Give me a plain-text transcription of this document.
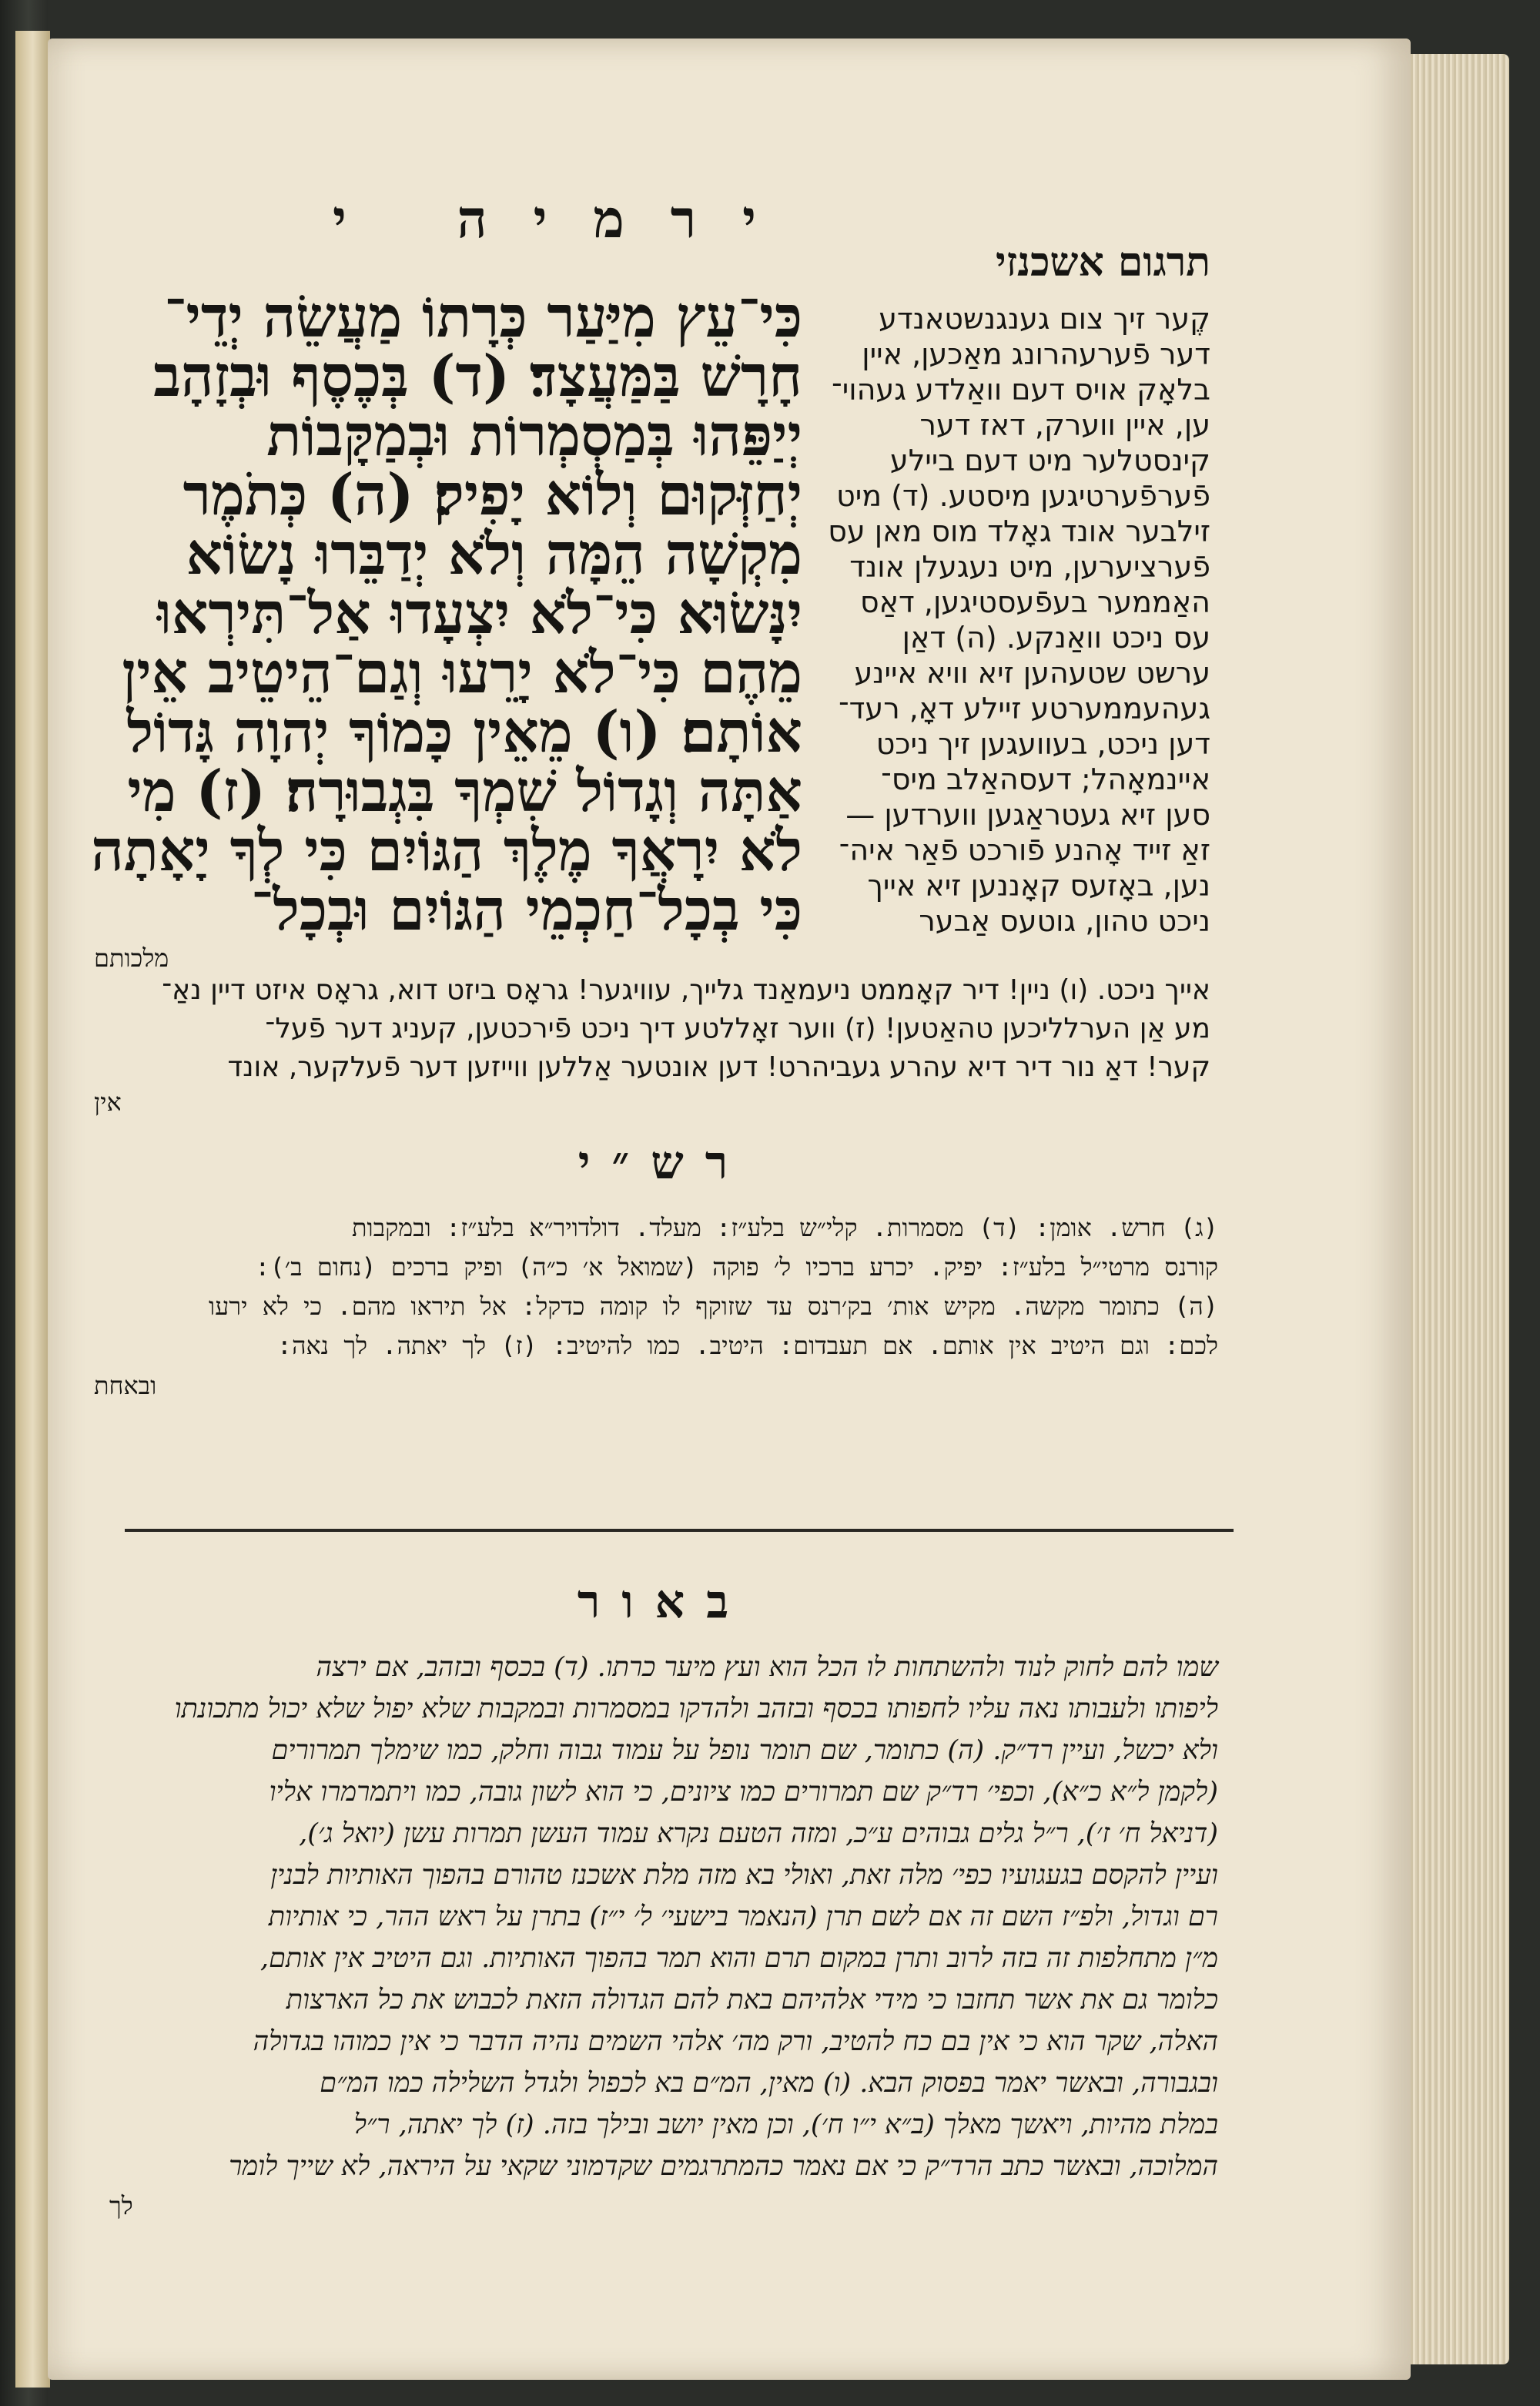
ירמיה י
תרגום אשכנזי
כִּי־עֵץ מִיַּעַר כְּרָתוֹ מַעֲשֵׂה יְדֵי־
חָרָשׁ בַּמַּעֲצָד׃ (ד) בְּכֶסֶף וּבְזָהָב
יְיַפֵּהוּ בְּמַסְמְרוֹת וּבְמַקָּבוֹת
יְחַזְּקוּם וְלוֹא יָפִיק׃ (ה) כְּתֹמֶר
מִקְשָׁה הֵמָּה וְלֹא יְדַבֵּרוּ נָשׂוֹא
יִנָּשׂוּא כִּי־לֹא יִצְעָדוּ אַל־תִּירְאוּ
מֵהֶם כִּי־לֹא יָרֵעוּ וְגַם־הֵיטֵיב אֵין
אוֹתָם׃ (ו) מֵאֵין כָּמוֹךָ יְהוָה גָּדוֹל
אַתָּה וְגָדוֹל שִׁמְךָ בִּגְבוּרָה׃ (ז) מִי
לֹא יִרָאֲךָ מֶלֶךְ הַגּוֹיִם כִּי לְךָ יָאָתָה
כִּי בְכָל־חַכְמֵי הַגּוֹיִם וּבְכָל־
מלכותם
קֶער זיך צום גענגנשטאנדע
דער פֿערעהרונג מאַכען, איין
בלאָק אויס דעם וואַלדע געהוי־
ען, איין ווערק, דאז דער
קינסטלער מיט דעם ביילע
פֿערפֿערטיגען מיסטע. (ד) מיט
זילבער אונד גאָלד מוס מאן עס
פֿערציערען, מיט נעגעלן אונד
האַממער בעפֿעסטיגען, דאַס
עס ניכט וואַנקע. (ה) דאַן
ערשט שטעהען זיא וויא איינע
געהעממערטע זיילע דאָ, רעד־
דען ניכט, בעוועגען זיך ניכט
איינמאָהל; דעסהאַלב מיס־
סען זיא געטראַגען ווערדען —
זאַ זייד אָהנע פֿורכט פֿאַר איה־
נען, באָזעס קאָננען זיא אייך
ניכט טהון, גוטעס אַבער
אייך ניכט. (ו) ניין! דיר קאָממט ניעמאַנד גלייך, עוויגער! גראָס ביזט דוא, גראָס איזט דיין נאַ־
מע אַן הערלליכען טהאַטען! (ז) ווער זאָללטע דיך ניכט פֿירכטען, קעניג דער פֿעל־
קער! דאַ נור דיר דיא עהרע געביהרט! דען אונטער אַללען ווייזען דער פֿעלקער, אונד
אין
רש״י
(ג) חרש. אומן: (ד) מסמרות. קלי״ש בלע״ז: מעלד. דולדויר״א בלע״ז: ובמקבות
קורנס מרטי״ל בלע״ז: יפיק. יכרע ברכיו ל׳ פוקה (שמואל א׳ כ״ה) ופיק ברכים (נחום ב׳):
(ה) כתומר מקשה. מקיש אות׳ בק׳רנס עד שזוקף לו קומה כדקל: אל תיראו מהם. כי לא ירעו
לכם: וגם היטיב אין אותם. אם תעבדום: היטיב. כמו להיטיב: (ז) לך יאתה. לך נאה:
ובאחת
באור
שמו להם לחוק לנוד ולהשתחות לו הכל הוא ועץ מיער כרתו. (ד) בכסף ובזהב, אם ירצה
ליפותו ולעבותו נאה עליו לחפותו בכסף ובזהב ולהדקו במסמרות ובמקבות שלא יפול שלא יכול מתכונתו
ולא יכשל, ועיין רד״ק. (ה) כתומר, שם תומר נופל על עמוד גבוה וחלק, כמו שימלך תמרורים
(לקמן ל״א כ״א), וכפי׳ רד״ק שם תמרורים כמו ציונים, כי הוא לשון גובה, כמו ויתמרמרו אליו
(דניאל ח׳ ז׳), ר״ל גלים גבוהים ע״כ, ומזה הטעם נקרא עמוד העשן תמרות עשן (יואל ג׳),
ועיין להקסם בגעגועיו כפי׳ מלה זאת, ואולי בא מזה מלת אשכנז טהורם בהפוך האותיות לבנין
רם וגדול, ולפ״ז השם זה אם לשם תרן (הנאמר בישעי׳ ל׳ י״ז) בתרן על ראש ההר, כי אותיות
מ״ן מתחלפות זה בזה לרוב ותרן במקום תרם והוא תמר בהפוך האותיות. וגם היטיב אין אותם,
כלומר גם את אשר תחזבו כי מידי אלהיהם באת להם הגדולה הזאת לכבוש את כל הארצות
האלה, שקר הוא כי אין בם כח להטיב, ורק מה׳ אלהי השמים נהיה הדבר כי אין כמוהו בגדולה
ובגבורה, ובאשר יאמר בפסוק הבא. (ו) מאין, המ״ם בא לכפול ולגדל השלילה כמו המ״ם
במלת מהיות, ויאשך מאלך (ב״א י״ו ח׳), וכן מאין יושב ובילך בזה. (ז) לך יאתה, ר״ל
המלוכה, ובאשר כתב הרד״ק כי אם נאמר כהמתרגמים שקדמוני שקאי על היראה, לא שייך לומר
לך
